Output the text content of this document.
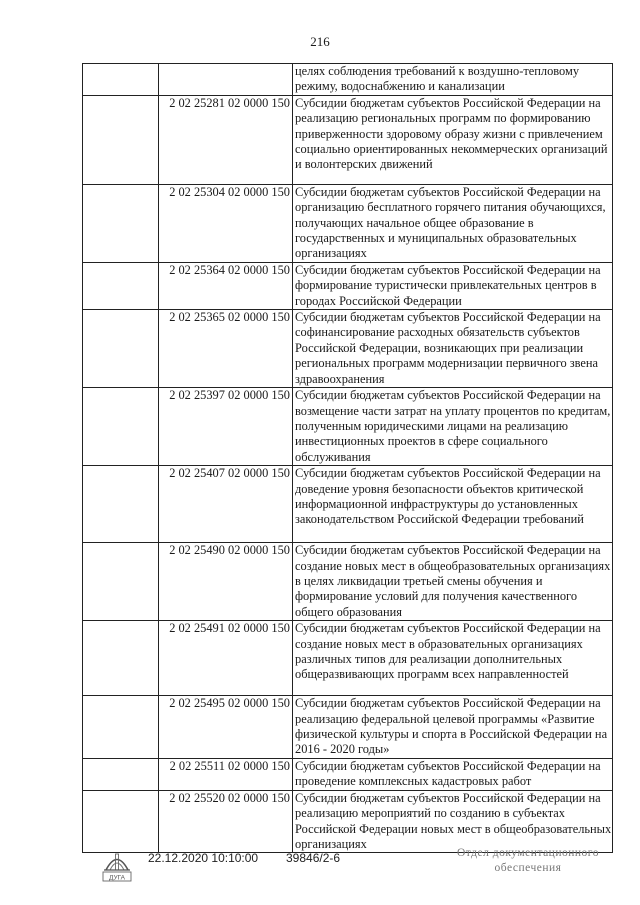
216
		целях соблюдения требований к воздушно-тепловому режиму, водоснабжению и канализации
	2 02 25281 02 0000 150	Субсидии бюджетам субъектов Российской Федерации на реализацию региональных программ по формированию приверженности здоровому образу жизни с привлечением социально ориентированных некоммерческих организаций и волонтерских движений
	2 02 25304 02 0000 150	Субсидии бюджетам субъектов Российской Федерации на организацию бесплатного горячего питания обучающихся, получающих начальное общее образование в государственных и муниципальных образовательных организациях
	2 02 25364 02 0000 150	Субсидии бюджетам субъектов Российской Федерации на формирование туристически привлекательных центров в городах Российской Федерации
	2 02 25365 02 0000 150	Субсидии бюджетам субъектов Российской Федерации на софинансирование расходных обязательств субъектов Российской Федерации, возникающих при реализации региональных программ модернизации первичного звена здравоохранения
	2 02 25397 02 0000 150	Субсидии бюджетам субъектов Российской Федерации на возмещение части затрат на уплату процентов по кредитам, полученным юридическими лицами на реализацию инвестиционных проектов в сфере социального обслуживания
	2 02 25407 02 0000 150	Субсидии бюджетам субъектов Российской Федерации на доведение уровня безопасности объектов критической информационной инфраструктуры до установленных законодательством Российской Федерации требований
	2 02 25490 02 0000 150	Субсидии бюджетам субъектов Российской Федерации на создание новых мест в общеобразовательных организациях в целях ликвидации третьей смены обучения и формирование условий для получения качественного общего образования
	2 02 25491 02 0000 150	Субсидии бюджетам субъектов Российской Федерации на создание новых мест в образовательных организациях различных типов для реализации дополнительных общеразвивающих программ всех направленностей
	2 02 25495 02 0000 150	Субсидии бюджетам субъектов Российской Федерации на реализацию федеральной целевой программы «Развитие физической культуры и спорта в Российской Федерации на 2016 - 2020 годы»
	2 02 25511 02 0000 150	Субсидии бюджетам субъектов Российской Федерации на проведение комплексных кадастровых работ
	2 02 25520 02 0000 150	Субсидии бюджетам субъектов Российской Федерации на реализацию мероприятий по созданию в субъектах Российской Федерации новых мест в общеобразовательных организациях
ДУГА
22.12.2020 10:10:00 39846/2-6	Отдел документационного
обеспечения
